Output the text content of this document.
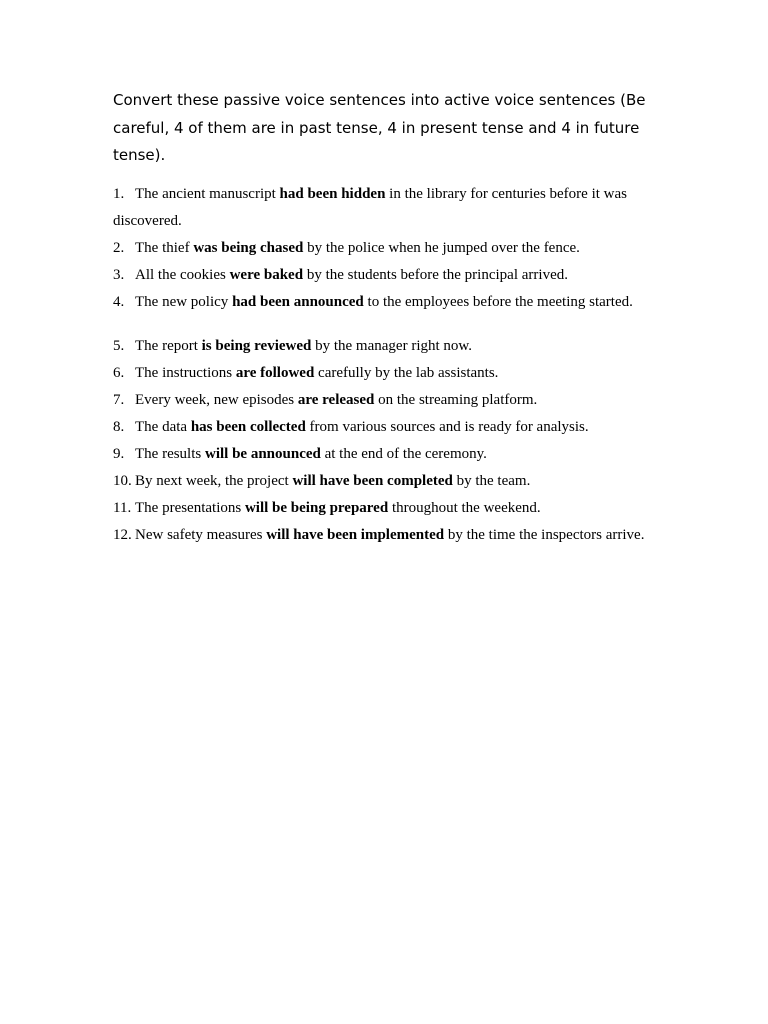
Convert these passive voice sentences into active voice sentences (Be careful, 4 of them are in past tense, 4 in present tense and 4 in future tense).

1. The ancient manuscript had been hidden in the library for centuries before it was discovered.
2. The thief was being chased by the police when he jumped over the fence.
3. All the cookies were baked by the students before the principal arrived.
4. The new policy had been announced to the employees before the meeting started.
5. The report is being reviewed by the manager right now.
6. The instructions are followed carefully by the lab assistants.
7. Every week, new episodes are released on the streaming platform.
8. The data has been collected from various sources and is ready for analysis.
9. The results will be announced at the end of the ceremony.
10. By next week, the project will have been completed by the team.
11. The presentations will be being prepared throughout the weekend.
12. New safety measures will have been implemented by the time the inspectors arrive.
